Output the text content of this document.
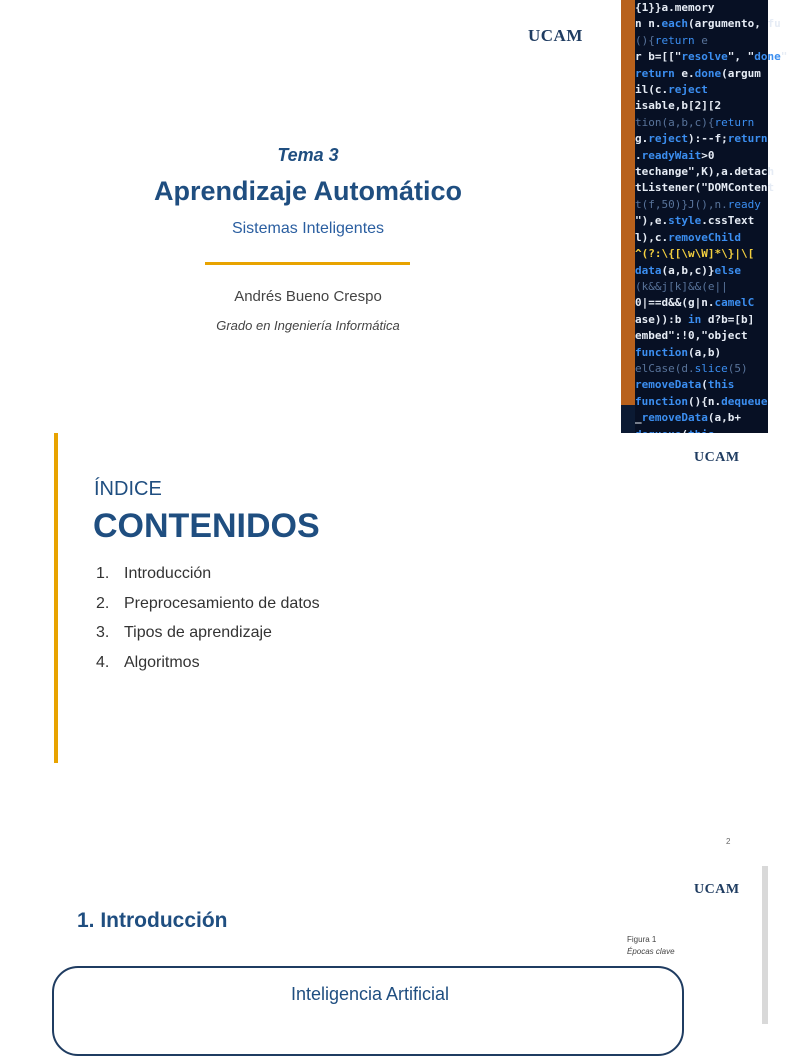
UCAM
{1}}a.memory
n n.each(argumento, fu
(){return e
r b=[["resolve", "done"
return e.done(argum
il(c.reject
isable,b[2][2
tion(a,b,c){return
g.reject):--f;return
.readyWait>0
techange",K),a.detach
tListener("DOMContent
t(f,50)}J(),n.ready
"),e.style.cssText
l),c.removeChild
^(?:\{[\w\W]*\}|\[
data(a,b,c)}else
(k&&j[k]&&(e||
0|==d&&(g|n.camelC
ase)):b in d?b=[b]
embed":!0,"object
function(a,b)
elCase(d.slice(5)
removeData(this
function(){n.dequeue
_removeData(a,b+
Tema 3
Aprendizaje Automático
Sistemas Inteligentes
Andrés Bueno Crespo
Grado en Ingeniería Informática
UCAM
ÍNDICE
CONTENIDOS
1. Introducción
2. Preprocesamiento de datos
3. Tipos de aprendizaje
4. Algoritmos
2
UCAM
1. Introducción
Figura 1
Épocas clave
Inteligencia Artificial
